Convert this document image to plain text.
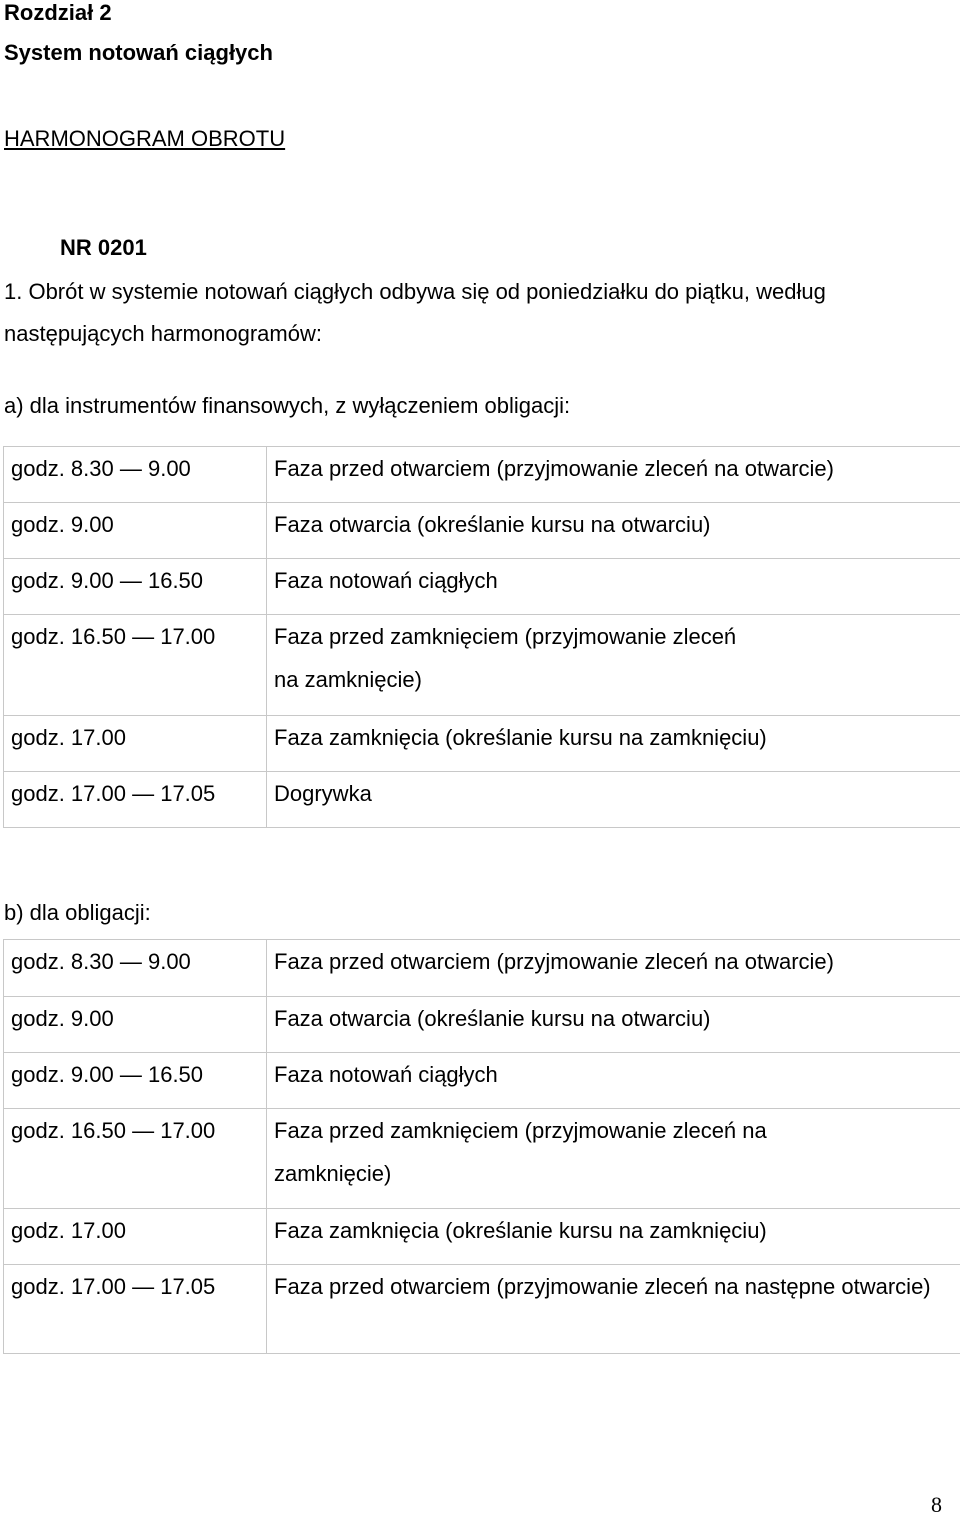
Rozdział 2
System notowań ciągłych
HARMONOGRAM OBROTU
NR 0201
1. Obrót w systemie notowań ciągłych odbywa się od poniedziałku do piątku, według
następujących harmonogramów:
a) dla instrumentów finansowych, z wyłączeniem obligacji:
godz. 8.30 — 9.00	Faza przed otwarciem (przyjmowanie zleceń na otwarcie)
godz. 9.00	Faza otwarcia (określanie kursu na otwarciu)
godz. 9.00 — 16.50	Faza notowań ciągłych
godz. 16.50 — 17.00	Faza przed zamknięciem (przyjmowanie zleceń
na zamknięcie)

godz. 17.00	Faza zamknięcia (określanie kursu na zamknięciu)
godz. 17.00 — 17.05	Dogrywka
b) dla obligacji:
godz. 8.30 — 9.00	Faza przed otwarciem (przyjmowanie zleceń na otwarcie)
godz. 9.00	Faza otwarcia (określanie kursu na otwarciu)
godz. 9.00 — 16.50	Faza notowań ciągłych
godz. 16.50 — 17.00	Faza przed zamknięciem (przyjmowanie zleceń na
zamknięcie)

godz. 17.00	Faza zamknięcia (określanie kursu na zamknięciu)
godz. 17.00 — 17.05	Faza przed otwarciem (przyjmowanie zleceń na następne otwarcie)
8
